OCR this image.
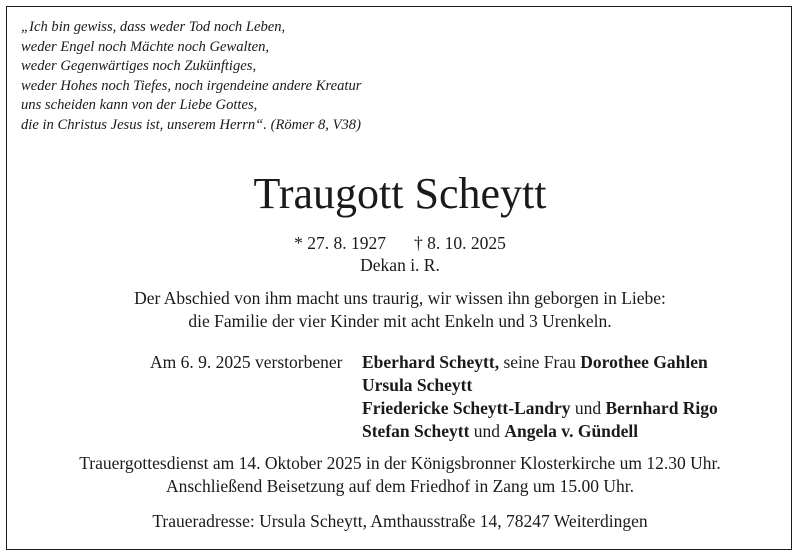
„Ich bin gewiss, dass weder Tod noch Leben,
weder Engel noch Mächte noch Gewalten,
weder Gegenwärtiges noch Zukünftiges,
weder Hohes noch Tiefes, noch irgendeine andere Kreatur
uns scheiden kann von der Liebe Gottes,
die in Christus Jesus ist, unserem Herrn“. (Römer 8, V38)
Traugott Scheytt
* 27. 8. 1927 † 8. 10. 2025
Dekan i. R.
Der Abschied von ihm macht uns traurig, wir wissen ihn geborgen in Liebe:
die Familie der vier Kinder mit acht Enkeln und 3 Urenkeln.
Am 6. 9. 2025 verstorbener Eberhard Scheytt, seine Frau Dorothee Gahlen
Ursula Scheytt
Friedericke Scheytt-Landry und Bernhard Rigo
Stefan Scheytt und Angela v. Gündell
Trauergottesdienst am 14. Oktober 2025 in der Königsbronner Klosterkirche um 12.30 Uhr.
Anschließend Beisetzung auf dem Friedhof in Zang um 15.00 Uhr.
Traueradresse: Ursula Scheytt, Amthausstraße 14, 78247 Weiterdingen
